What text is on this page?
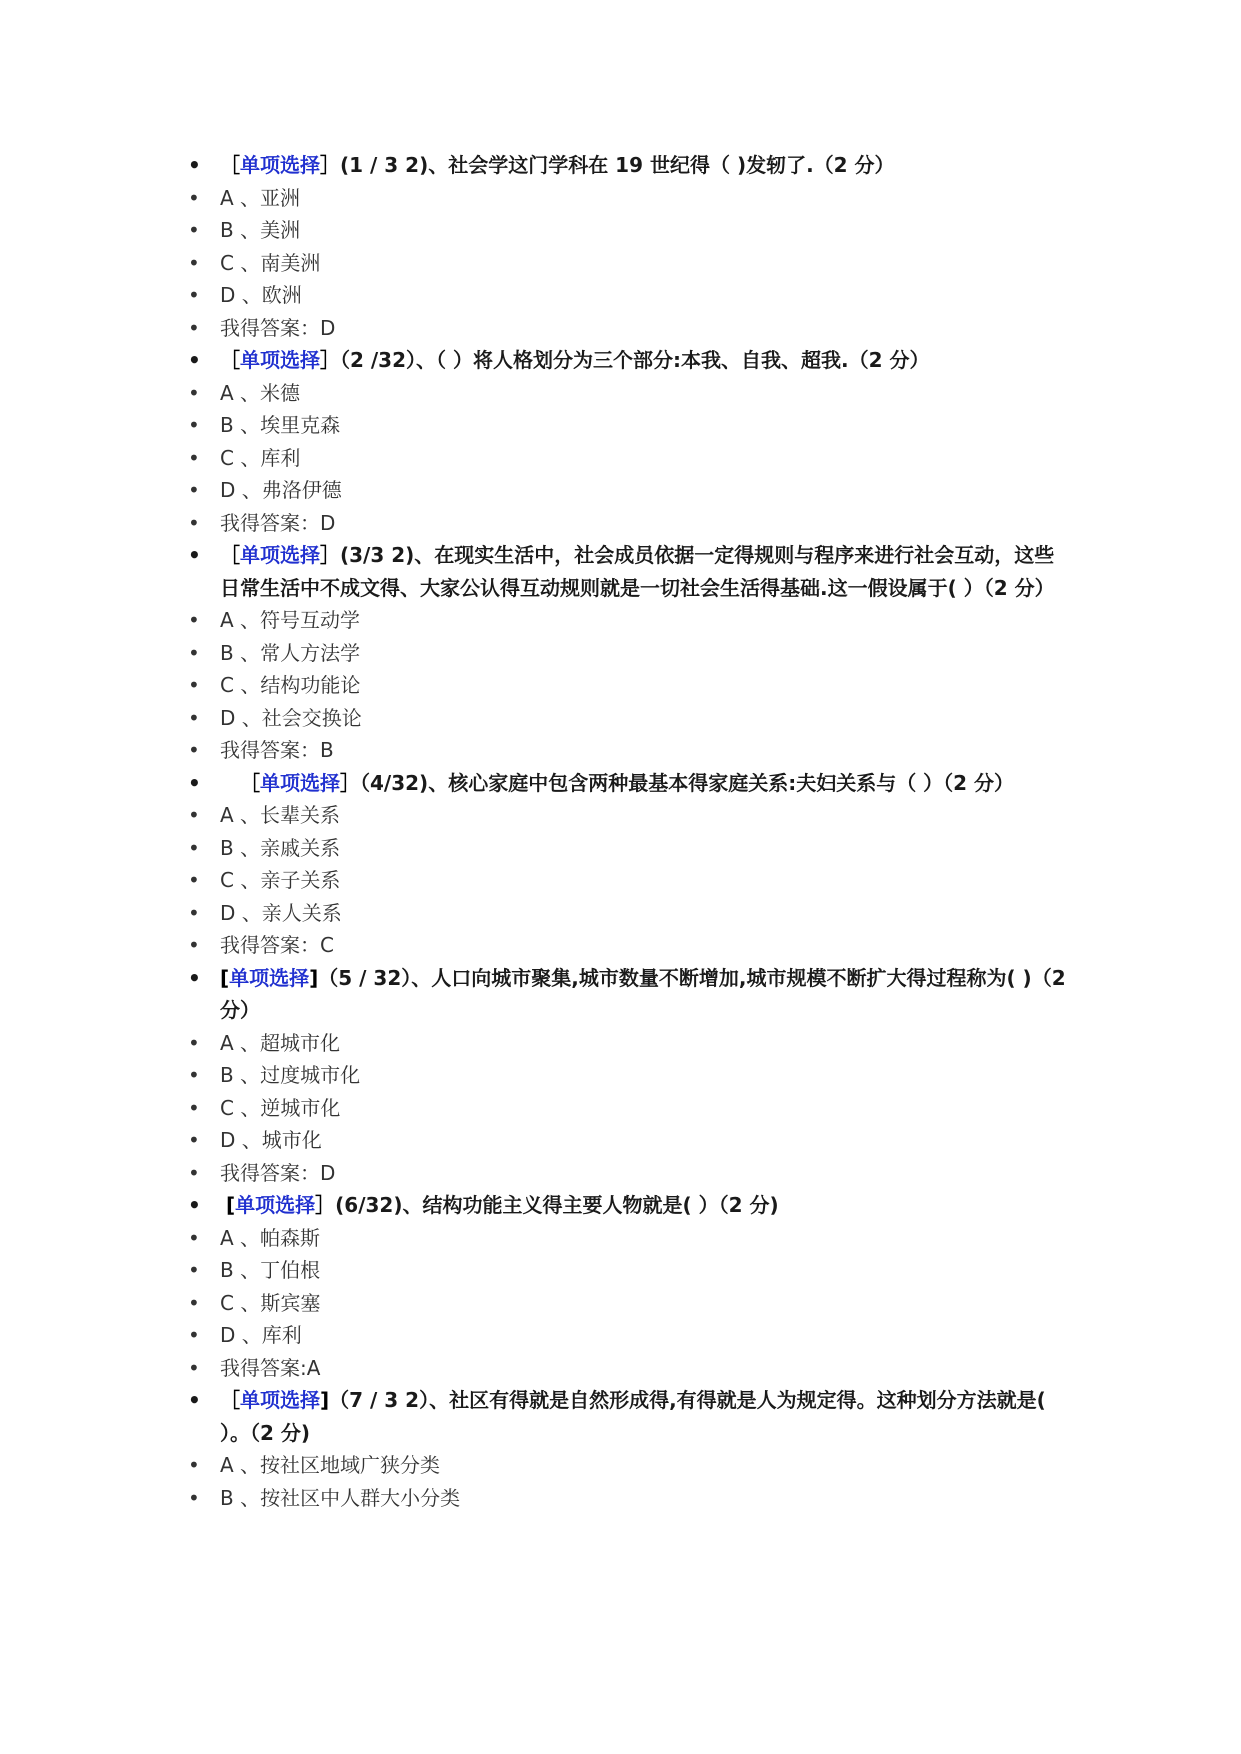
• ［单项选择］(1 / 3 2)、社会学这门学科在 19 世纪得（ )发轫了.（2 分）
• A 、亚洲
• B 、美洲
• C 、南美洲
• D 、欧洲
• 我得答案：D
• ［单项选择］（2 /32）、（ ）将人格划分为三个部分:本我、自我、超我.（2 分）
• A 、米德
• B 、埃里克森
• C 、库利
• D 、弗洛伊德
• 我得答案：D
• ［单项选择］(3/3 2)、在现实生活中，社会成员依据一定得规则与程序来进行社会互动，这些日常生活中不成文得、大家公认得互动规则就是一切社会生活得基础.这一假设属于( ）（2 分）
• A 、符号互动学
• B 、常人方法学
• C 、结构功能论
• D 、社会交换论
• 我得答案：B
• ［单项选择］（4/32)、核心家庭中包含两种最基本得家庭关系:夫妇关系与（ ）（2 分）
• A 、长辈关系
• B 、亲戚关系
• C 、亲子关系
• D 、亲人关系
• 我得答案：C
• [单项选择]（5 / 32）、人口向城市聚集,城市数量不断增加,城市规模不断扩大得过程称为( )（2 分）
• A 、超城市化
• B 、过度城市化
• C 、逆城市化
• D 、城市化
• 我得答案：D
• [单项选择］(6/32)、结构功能主义得主要人物就是( ）（2 分)
• A 、帕森斯
• B 、丁伯根
• C 、斯宾塞
• D 、库利
• 我得答案:A
• ［单项选择]（7 / 3 2）、社区有得就是自然形成得,有得就是人为规定得。这种划分方法就是( ）。（2 分)
• A 、按社区地域广狭分类
• B 、按社区中人群大小分类
